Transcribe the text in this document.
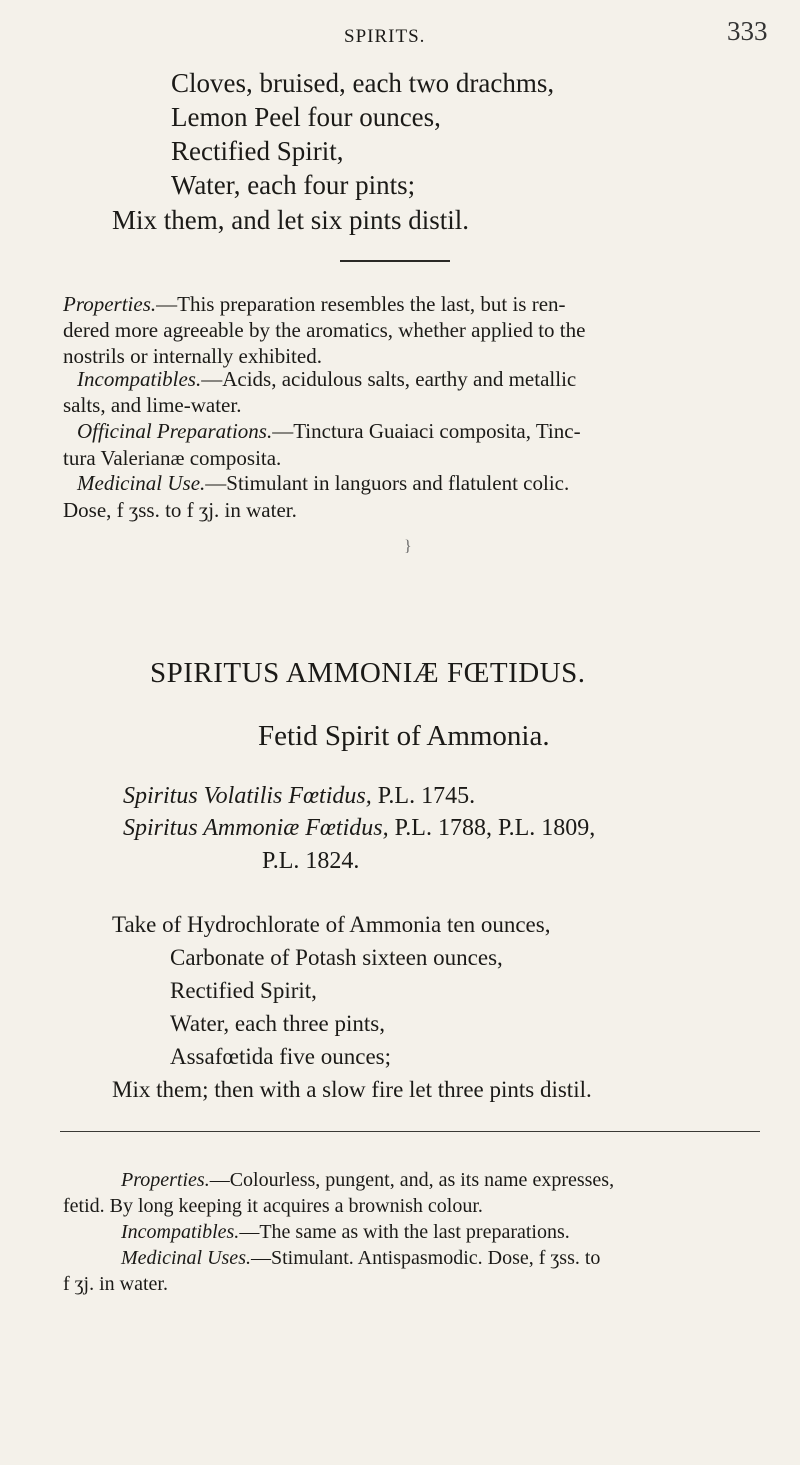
SPIRITS.	333
Cloves, bruised, each two drachms,
Lemon Peel four ounces,
Rectified Spirit,
Water, each four pints;
Mix them, and let six pints distil.
Properties.—This preparation resembles the last, but is ren-
dered more agreeable by the aromatics, whether applied to the
nostrils or internally exhibited.
Incompatibles.—Acids, acidulous salts, earthy and metallic
salts, and lime-water.
Officinal Preparations.—Tinctura Guaiaci composita, Tinc-
tura Valerianæ composita.
Medicinal Use.—Stimulant in languors and flatulent colic.
Dose, f ʒss. to f ʒj. in water.
}
SPIRITUS AMMONIÆ FŒTIDUS.
Fetid Spirit of Ammonia.
Spiritus Volatilis Fœtidus, P.L. 1745.
Spiritus Ammoniæ Fœtidus, P.L. 1788, P.L. 1809,
P.L. 1824.
Take of Hydrochlorate of Ammonia ten ounces,
Carbonate of Potash sixteen ounces,
Rectified Spirit,
Water, each three pints,
Assafœtida five ounces;
Mix them; then with a slow fire let three pints distil.
Properties.—Colourless, pungent, and, as its name expresses,
fetid. By long keeping it acquires a brownish colour.
Incompatibles.—The same as with the last preparations.
Medicinal Uses.—Stimulant. Antispasmodic. Dose, f ʒss. to
f ʒj. in water.
